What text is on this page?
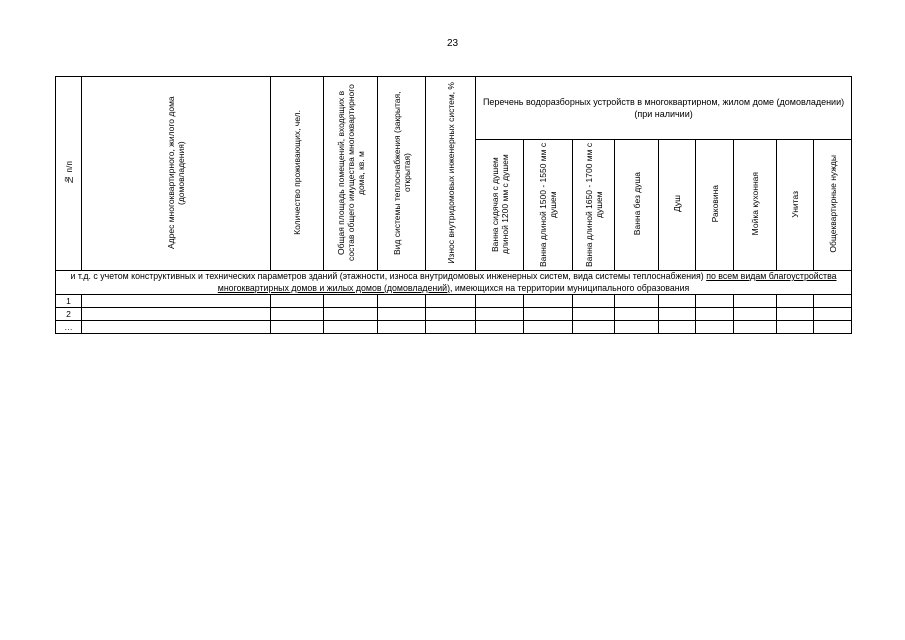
23
№ п/п	Адрес многоквартирного, жилого дома (домовладения)	Количество проживающих, чел.	Общая площадь помещений, входящих в состав общего имущества многоквартирного дома, кв. м	Вид системы теплоснабжения (закрытая, открытая)	Износ внутридомовых инженерных систем, %	Перечень водоразборных устройств в многоквартирном, жилом доме (домовладении) (при наличии)								
						Ванна сидячая с душем длиной 1200 мм с душем	Ванна длиной 1500 - 1550 мм с душем	Ванна длиной 1650 - 1700 мм с душем	Ванна без душа	Душ	Раковина	Мойка кухонная	Унитаз	Общеквартирные нужды
и т.д. с учетом конструктивных и технических параметров зданий (этажности, износа внутридомовых инженерных систем, вида системы теплоснабжения) по всем видам благоустройства многоквартирных домов и жилых домов (домовладений), имеющихся на территории муниципального образования														
1														
2														
…														
